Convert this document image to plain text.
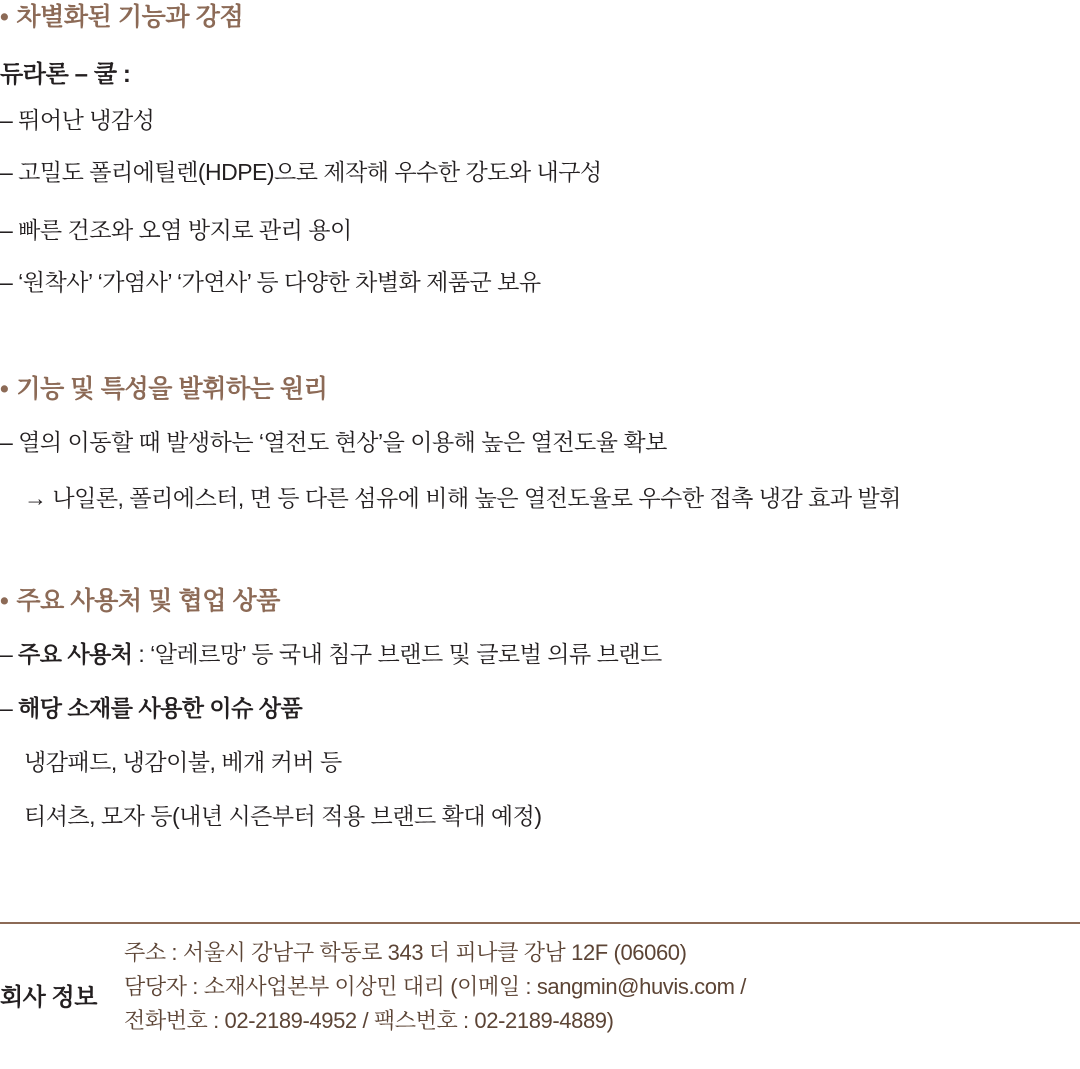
• 차별화된 기능과 강점
듀라론 – 쿨 :
– 뛰어난 냉감성
– 고밀도 폴리에틸렌(HDPE)으로 제작해 우수한 강도와 내구성
– 빠른 건조와 오염 방지로 관리 용이
– ‘원착사’ ‘가염사’ ‘가연사’ 등 다양한 차별화 제품군 보유
• 기능 및 특성을 발휘하는 원리
– 열의 이동할 때 발생하는 ‘열전도 현상’을 이용해 높은 열전도율 확보
→ 나일론, 폴리에스터, 면 등 다른 섬유에 비해 높은 열전도율로 우수한 접촉 냉감 효과 발휘
• 주요 사용처 및 협업 상품
– 주요 사용처 : ‘알레르망’ 등 국내 침구 브랜드 및 글로벌 의류 브랜드
– 해당 소재를 사용한 이슈 상품
냉감패드, 냉감이불, 베개 커버 등
티셔츠, 모자 등(내년 시즌부터 적용 브랜드 확대 예정)
회사 정보
주소 : 서울시 강남구 학동로 343 더 피나클 강남 12F (06060)
담당자 : 소재사업본부 이상민 대리 (이메일 : sangmin@huvis.com /
전화번호 : 02-2189-4952 / 팩스번호 : 02-2189-4889)
